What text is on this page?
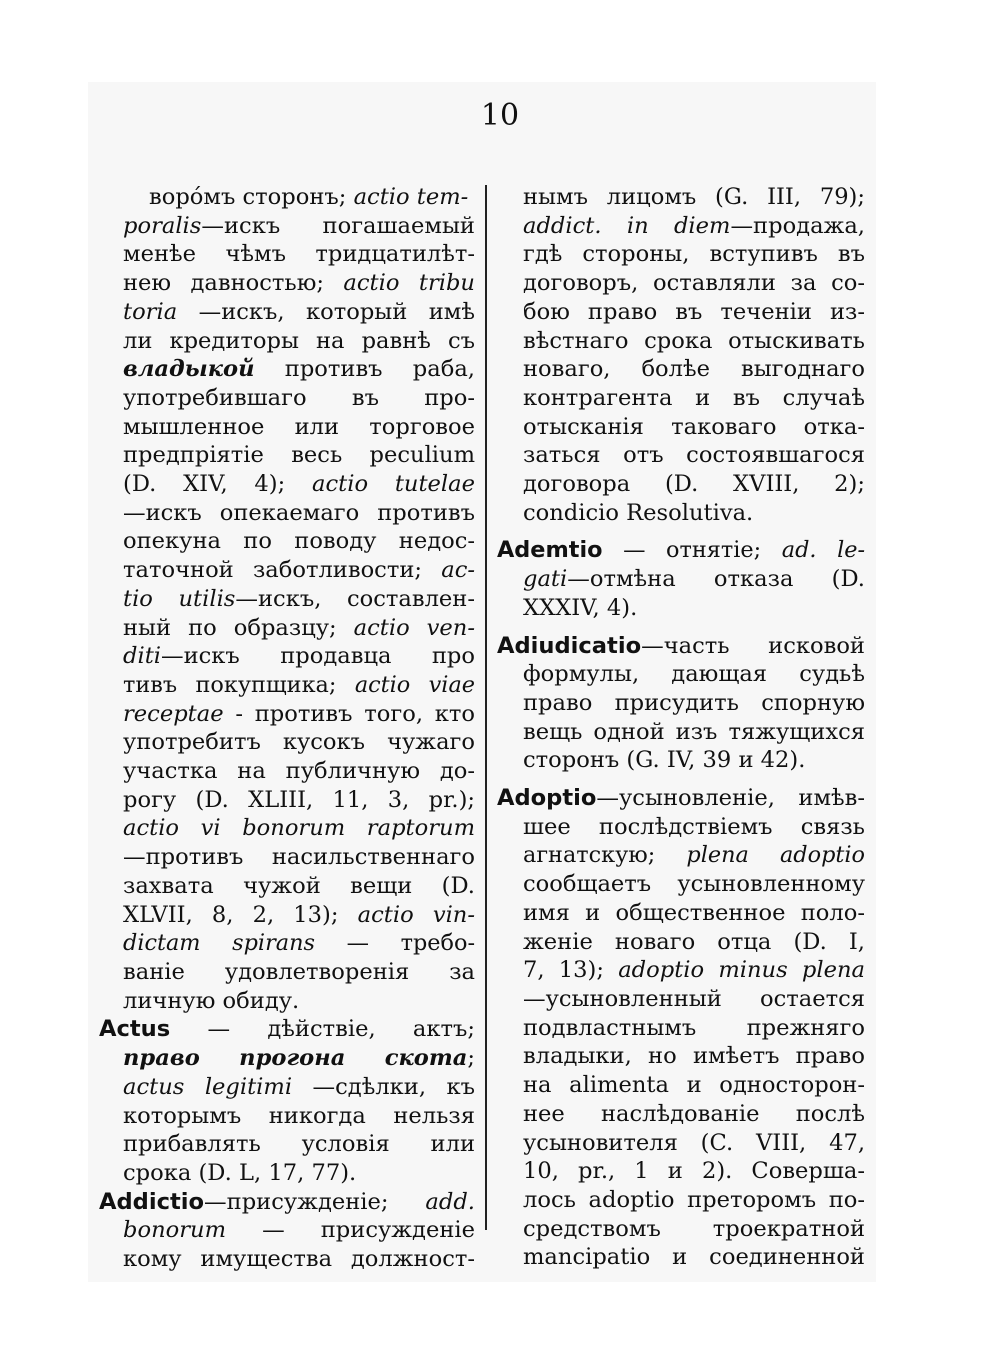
10
ворóмъ сторонъ; actio tem-
poralis—искъ погашаемый
менѣе чѣмъ тридцатилѣт-
нею давностью; actio tribu
toria —искъ, который имѣ
ли кредиторы на равнѣ съ
владыкой противъ раба,
употребившаго въ про-
мышленное или торговое
предпріятіе весь peculium
(D. XIV, 4); actio tutelae
—искъ опекаемаго противъ
опекуна по поводу недос-
таточной заботливости; ac-
tio utilis—искъ, составлен-
ный по образцу; actio ven-
diti—искъ продавца про
тивъ покупщика; actio viae
receptae - противъ того, кто
употребитъ кусокъ чужаго
участка на публичную до-
рогу (D. XLIII, 11, 3, pr.);
actio vi bonorum raptorum
—противъ насильственнаго
захвата чужой вещи (D.
XLVII, 8, 2, 13); actio vin-
dictam spirans — требо-
ваніе удовлетворенія за
личную обиду.
Actus — дѣйствіе, актъ;
право прогона скота;
actus legitimi —сдѣлки, къ
которымъ никогда нельзя
прибавлять условія или
срока (D. L, 17, 77).
Addictio—присужденіе; add.
bonorum — присужденіе
кому имущества должност-
нымъ лицомъ (G. III, 79);
addict. in diem—продажа,
гдѣ стороны, вступивъ въ
договоръ, оставляли за со-
бою право въ теченіи из-
вѣстнаго срока отыскивать
новаго, болѣе выгоднаго
контрагента и въ случаѣ
отысканія таковаго отка-
заться отъ состоявшагося
договора (D. XVIII, 2);
condicio Resolutiva.
Ademtio — отнятіе; ad. le-
gati—отмѣна отказа (D.
XXXIV, 4).
Adiudicatio—часть исковой
формулы, дающая судьѣ
право присудить спорную
вещь одной изъ тяжущихся
сторонъ (G. IV, 39 и 42).
Adoptio—усыновленіе, имѣв-
шее послѣдствіемъ связь
агнатскую; plena adoptio
сообщаетъ усыновленному
имя и общественное поло-
женіе новаго отца (D. I,
7, 13); adoptio minus plena
—усыновленный остается
подвластнымъ прежняго
владыки, но имѣетъ право
на alimenta и односторон-
нее наслѣдованіе послѣ
усыновителя (C. VIII, 47,
10, pr., 1 и 2). Соверша-
лось adoptio преторомъ по-
средствомъ троекратной
mancipatio и соединенной
